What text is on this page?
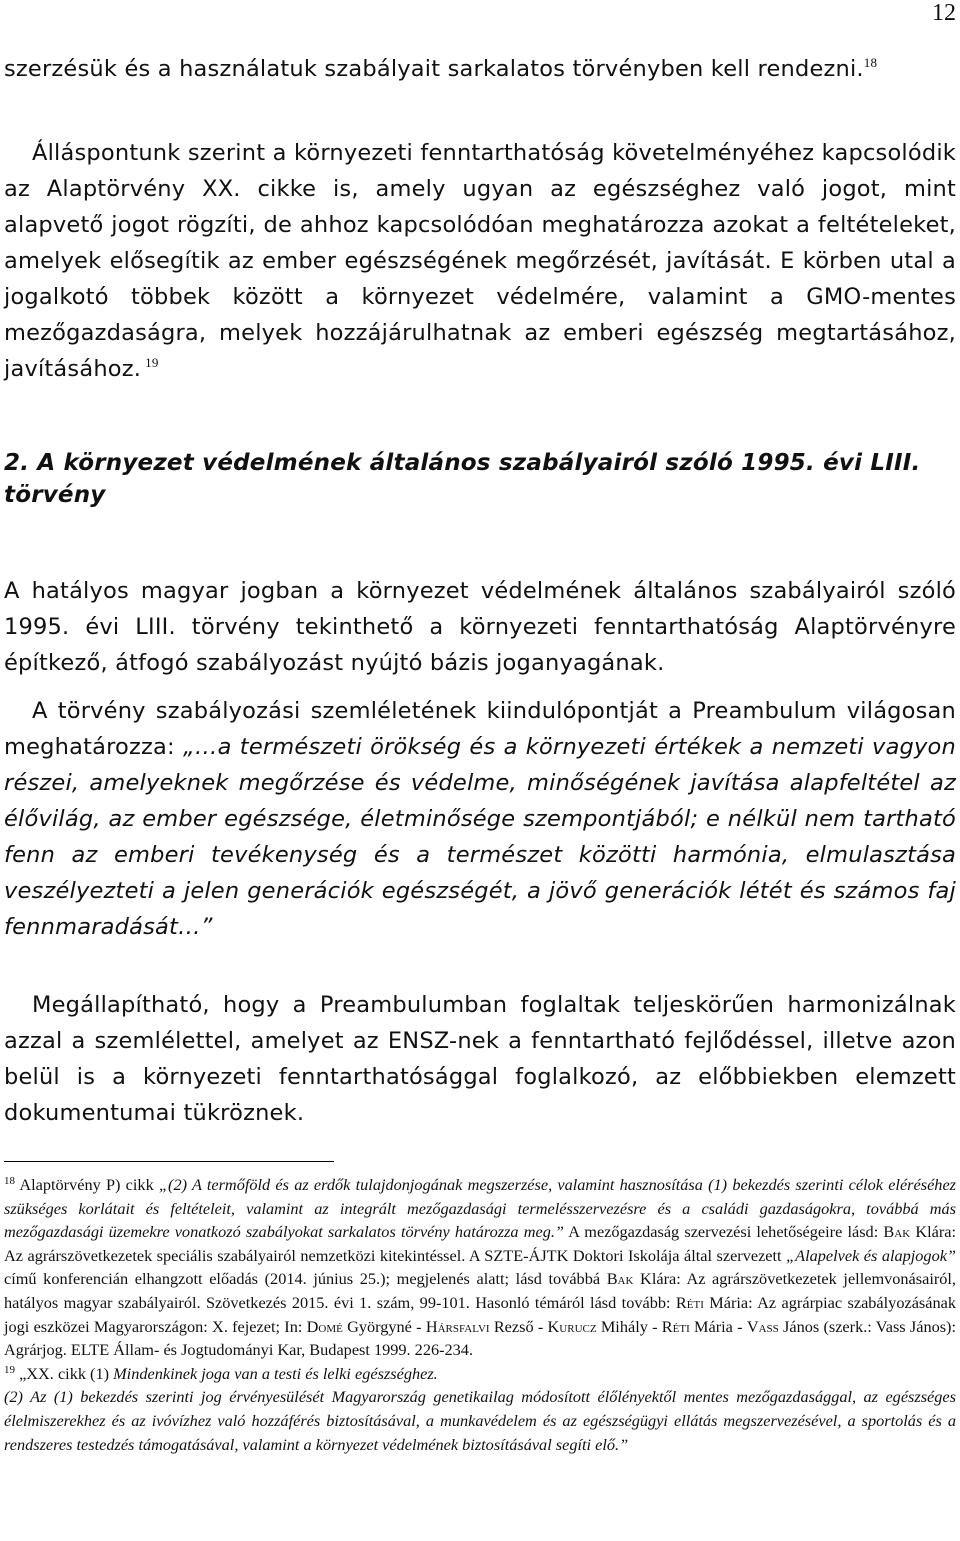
12
szerzésük és a használatuk szabályait sarkalatos törvényben kell rendezni.$^{18}$
Álláspontunk szerint a környezeti fenntarthatóság követelményéhez kapcsolódik az Alaptörvény XX. cikke is, amely ugyan az egészséghez való jogot, mint alapvető jogot rögzíti, de ahhoz kapcsolódóan meghatározza azokat a feltételeket, amelyek elősegítik az ember egészségének megőrzését, javítását. E körben utal a jogalkotó többek között a környezet védelmére, valamint a GMO-mentes mezőgazdaságra, melyek hozzájárulhatnak az emberi egészség megtartásához, javításához. $^{19}$
2. A környezet védelmének általános szabályairól szóló 1995. évi LIII. törvény
A hatályos magyar jogban a környezet védelmének általános szabályairól szóló 1995. évi LIII. törvény tekinthető a környezeti fenntarthatóság Alaptörvényre építkező, átfogó szabályozást nyújtó bázis joganyagának.
A törvény szabályozási szemléletének kiindulópontját a Preambulum világosan meghatározza: „…a természeti örökség és a környezeti értékek a nemzeti vagyon részei, amelyeknek megőrzése és védelme, minőségének javítása alapfeltétel az élővilág, az ember egészsége, életminősége szempontjából; e nélkül nem tartható fenn az emberi tevékenység és a természet közötti harmónia, elmulasztása veszélyezteti a jelen generációk egészségét, a jövő generációk létét és számos faj fennmaradását…”
Megállapítható, hogy a Preambulumban foglaltak teljeskörűen harmonizálnak azzal a szemlélettel, amelyet az ENSZ-nek a fenntartható fejlődéssel, illetve azon belül is a környezeti fenntarthatósággal foglalkozó, az előbbiekben elemzett dokumentumai tükröznek.

$^{18}$ Alaptörvény P) cikk „(2) A termőföld és az erdők tulajdonjogának megszerzése, valamint hasznosítása (1) bekezdés szerinti célok eléréséhez szükséges korlátait és feltételeit, valamint az integrált mezőgazdasági termelésszervezésre és a családi gazdaságokra, továbbá más mezőgazdasági üzemekre vonatkozó szabályokat sarkalatos törvény határozza meg.” A mezőgazdaság szervezési lehetőségeire lásd: Bak Klára: Az agrárszövetkezetek speciális szabályairól nemzetközi kitekintéssel. A SZTE-ÁJTK Doktori Iskolája által szervezett „Alapelvek és alapjogok” című konferencián elhangzott előadás (2014. június 25.); megjelenés alatt; lásd továbbá Bak Klára: Az agrárszövetkezetek jellemvonásairól, hatályos magyar szabályairól. Szövetkezés 2015. évi 1. szám, 99-101. Hasonló témáról lásd tovább: Réti Mária: Az agrárpiac szabályozásának jogi eszközei Magyarországon: X. fejezet; In: Domé Györgyné - Hársfalvi Rezső - Kurucz Mihály - Réti Mária - Vass János (szerk.: Vass János): Agrárjog. ELTE Állam- és Jogtudományi Kar, Budapest 1999. 226-234.

$^{19}$ „XX. cikk (1) Mindenkinek joga van a testi és lelki egészséghez.

(2) Az (1) bekezdés szerinti jog érvényesülését Magyarország genetikailag módosított élőlényektől mentes mezőgazdasággal, az egészséges élelmiszerekhez és az ivóvízhez való hozzáférés biztosításával, a munkavédelem és az egészségügyi ellátás megszervezésével, a sportolás és a rendszeres testedzés támogatásával, valamint a környezet védelmének biztosításával segíti elő.”
